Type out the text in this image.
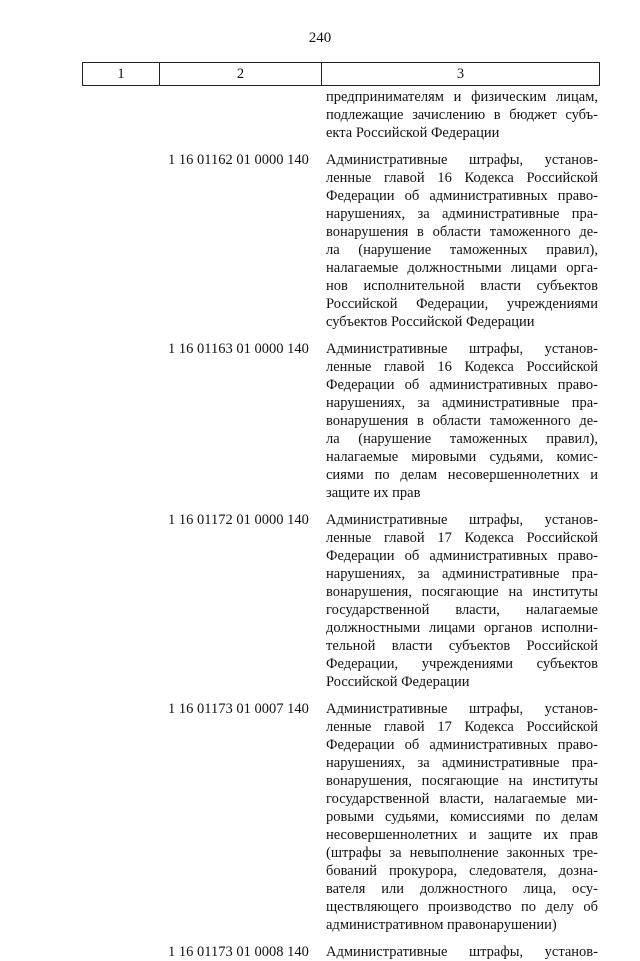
240
1	2	3
предпринимателям и физическим лицам,
подлежащие зачислению в бюджет субъ-
екта Российской Федерации
1 16 01162 01 0000 140 Административные штрафы, установ-
ленные главой 16 Кодекса Российской
Федерации об административных право-
нарушениях, за административные пра-
вонарушения в области таможенного де-
ла (нарушение таможенных правил),
налагаемые должностными лицами орга-
нов исполнительной власти субъектов
Российской Федерации, учреждениями
субъектов Российской Федерации
1 16 01163 01 0000 140 Административные штрафы, установ-
ленные главой 16 Кодекса Российской
Федерации об административных право-
нарушениях, за административные пра-
вонарушения в области таможенного де-
ла (нарушение таможенных правил),
налагаемые мировыми судьями, комис-
сиями по делам несовершеннолетних и
защите их прав
1 16 01172 01 0000 140 Административные штрафы, установ-
ленные главой 17 Кодекса Российской
Федерации об административных право-
нарушениях, за административные пра-
вонарушения, посягающие на институты
государственной власти, налагаемые
должностными лицами органов исполни-
тельной власти субъектов Российской
Федерации, учреждениями субъектов
Российской Федерации
1 16 01173 01 0007 140 Административные штрафы, установ-
ленные главой 17 Кодекса Российской
Федерации об административных право-
нарушениях, за административные пра-
вонарушения, посягающие на институты
государственной власти, налагаемые ми-
ровыми судьями, комиссиями по делам
несовершеннолетних и защите их прав
(штрафы за невыполнение законных тре-
бований прокурора, следователя, дозна-
вателя или должностного лица, осу-
ществляющего производство по делу об
административном правонарушении)
1 16 01173 01 0008 140 Административные штрафы, установ-
